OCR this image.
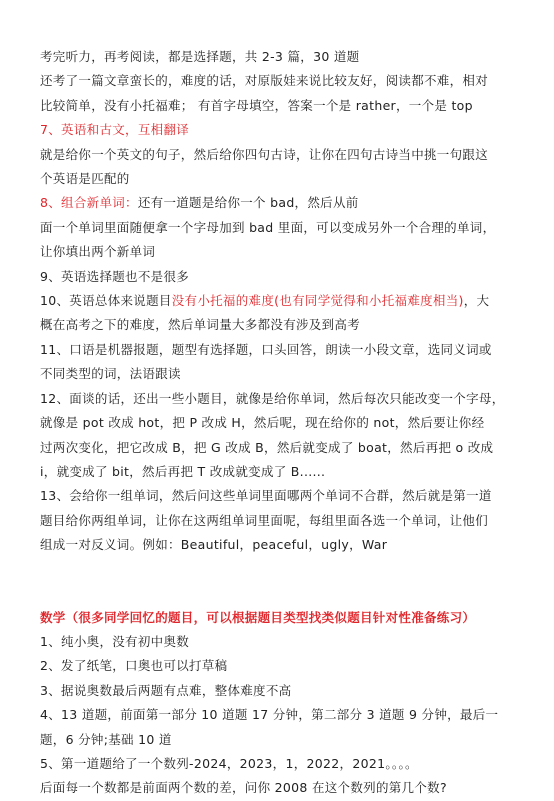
考完听力，再考阅读，都是选择题，共 2-3 篇，30 道题
还考了一篇文章蛮长的，难度的话，对原版娃来说比较友好，阅读都不难，相对
比较简单，没有小托福难； 有首字母填空，答案一个是 rather，一个是 top
7、英语和古文，互相翻译
就是给你一个英文的句子，然后给你四句古诗，让你在四句古诗当中挑一句跟这
个英语是匹配的
8、组合新单词：还有一道题是给你一个 bad，然后从前
面一个单词里面随便拿一个字母加到 bad 里面，可以变成另外一个合理的单词，
让你填出两个新单词
9、英语选择题也不是很多
10、英语总体来说题目没有小托福的难度(也有同学觉得和小托福难度相当)，大
概在高考之下的难度，然后单词量大多都没有涉及到高考
11、口语是机器报题，题型有选择题，口头回答，朗读一小段文章，选同义词或
不同类型的词，法语跟读
12、面谈的话，还出一些小题目，就像是给你单词，然后每次只能改变一个字母，
就像是 pot 改成 hot，把 P 改成 H，然后呢，现在给你的 not，然后要让你经
过两次变化，把它改成 B，把 G 改成 B，然后就变成了 boat，然后再把 o 改成
i，就变成了 bit，然后再把 T 改成就变成了 B......
13、会给你一组单词，然后问这些单词里面哪两个单词不合群，然后就是第一道
题目给你两组单词，让你在这两组单词里面呢，每组里面各选一个单词，让他们
组成一对反义词。例如：Beautiful，peaceful，ugly，War
数学（很多同学回忆的题目，可以根据题目类型找类似题目针对性准备练习）
1、纯小奥，没有初中奥数
2、发了纸笔，口奥也可以打草稿
3、据说奥数最后两题有点难，整体难度不高
4、13 道题，前面第一部分 10 道题 17 分钟，第二部分 3 道题 9 分钟，最后一
题，6 分钟;基础 10 道
5、第一道题给了一个数列-2024，2023，1，2022，2021。。。。
后面每一个数都是前面两个数的差，问你 2008 在这个数列的第几个数?
